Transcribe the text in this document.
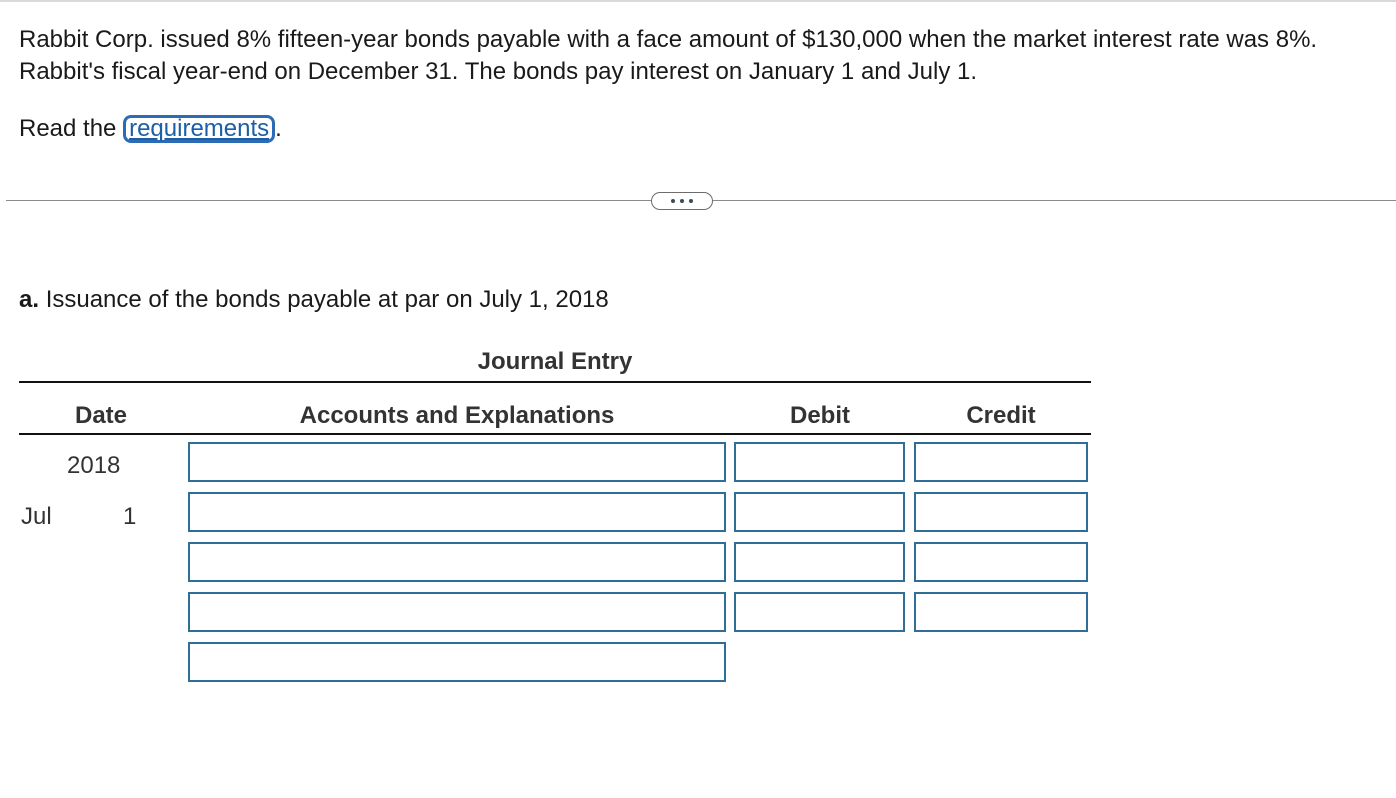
Rabbit Corp. issued 8% fifteen-year bonds payable with a face amount of $130,000 when the market interest rate was 8%. Rabbit's fiscal year-end on December 31. The bonds pay interest on January 1 and July 1.

Read the requirements .

a. Issuance of the bonds payable at par on July 1, 2018

Journal Entry
Date	Accounts and Explanations	Debit	Credit
2018
Jul	1
